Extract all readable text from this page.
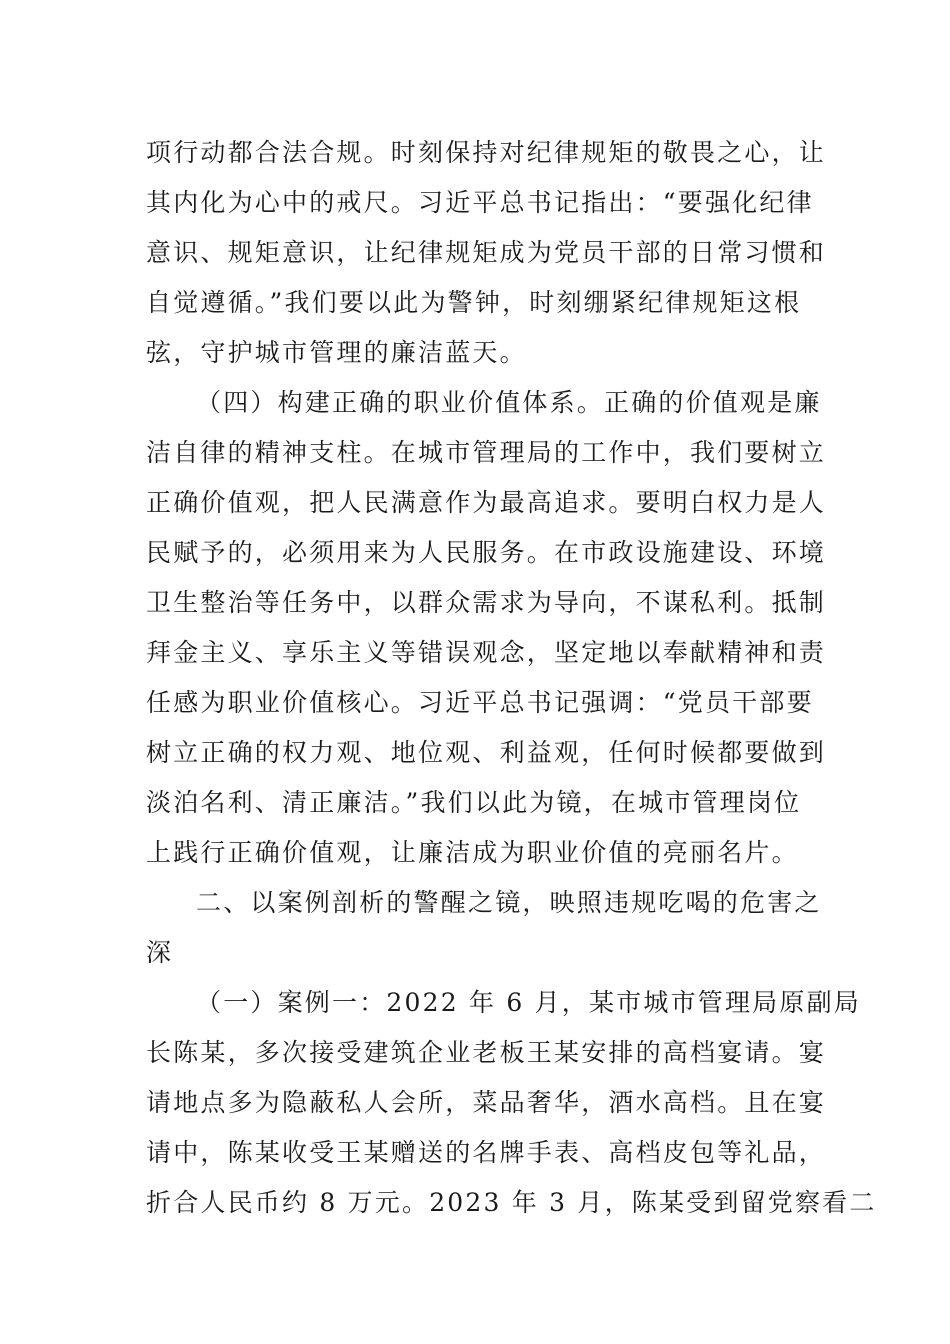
项行动都合法合规。时刻保持对纪律规矩的敬畏之心，让
其内化为心中的戒尺。习近平总书记指出：“要强化纪律
意识、规矩意识，让纪律规矩成为党员干部的日常习惯和
自觉遵循。”我们要以此为警钟，时刻绷紧纪律规矩这根
弦，守护城市管理的廉洁蓝天。
（四）构建正确的职业价值体系。正确的价值观是廉
洁自律的精神支柱。在城市管理局的工作中，我们要树立
正确价值观，把人民满意作为最高追求。要明白权力是人
民赋予的，必须用来为人民服务。在市政设施建设、环境
卫生整治等任务中，以群众需求为导向，不谋私利。抵制
拜金主义、享乐主义等错误观念，坚定地以奉献精神和责
任感为职业价值核心。习近平总书记强调：“党员干部要
树立正确的权力观、地位观、利益观，任何时候都要做到
淡泊名利、清正廉洁。”我们以此为镜，在城市管理岗位
上践行正确价值观，让廉洁成为职业价值的亮丽名片。
二、以案例剖析的警醒之镜，映照违规吃喝的危害之
深
（一）案例一：2022 年 6 月，某市城市管理局原副局
长陈某，多次接受建筑企业老板王某安排的高档宴请。宴
请地点多为隐蔽私人会所，菜品奢华，酒水高档。且在宴
请中，陈某收受王某赠送的名牌手表、高档皮包等礼品，
折合人民币约 8 万元。2023 年 3 月，陈某受到留党察看二
